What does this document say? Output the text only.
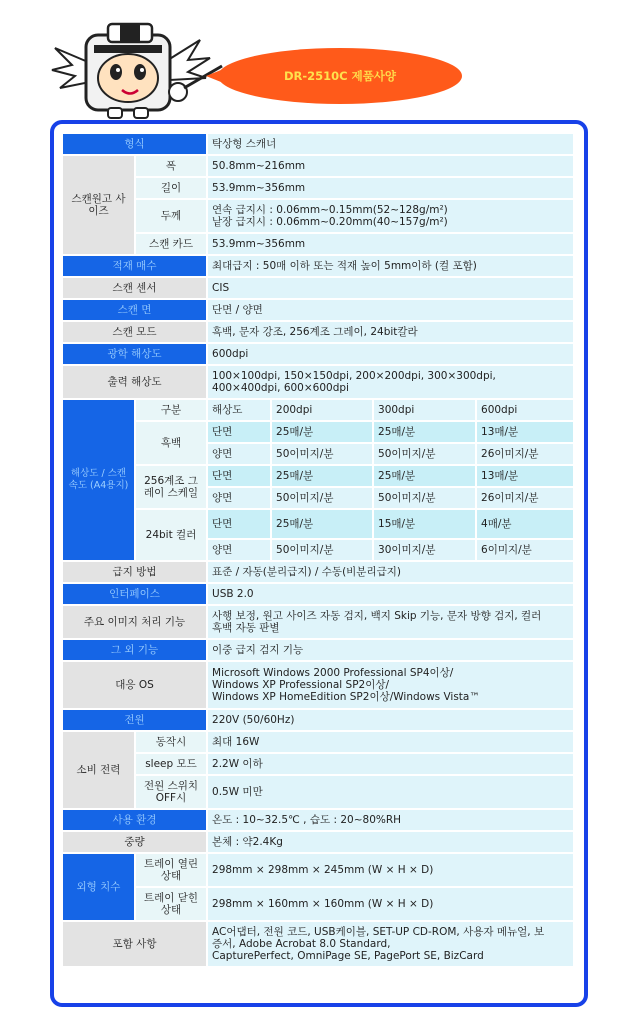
DR-2510C 제품사양
형식		탁상형 스캐너			
스캔원고 사이즈	폭	50.8mm~216mm			
	길이	53.9mm~356mm			
	두께	연속 급지시 : 0.06mm~0.15mm(52~128g/m²)
낱장 급지시 : 0.06mm~0.20mm(40~157g/m²)			

	스캔 카드	53.9mm~356mm			
적재 매수		최대급지 : 50매 이하 또는 적재 높이 5mm이하 (컬 포함)			
스캔 센서		CIS			
스캔 면		단면 / 양면			
스캔 모드		흑백, 문자 강조, 256계조 그레이, 24bit칼라			
광학 해상도		600dpi			
출력 해상도		100×100dpi, 150×150dpi, 200×200dpi, 300×300dpi,
400×400dpi, 600×600dpi			

해상도 / 스캔속도 (A4용지)	구분	해상도	200dpi	300dpi	600dpi
	흑백	단면	25매/분	25매/분	13매/분
		양면	50이미지/분	50이미지/분	26이미지/분
	256계조 그레이 스케일	단면	25매/분	25매/분	13매/분
		양면	50이미지/분	50이미지/분	26이미지/분
	24bit 컬러	단면	25매/분	15매/분	4매/분
		양면	50이미지/분	30이미지/분	6이미지/분
급지 방법		표준 / 자동(분리급지) / 수동(비분리급지)			
인터페이스		USB 2.0			
주요 이미지 처리 기능		사행 보정, 원고 사이즈 자동 검지, 백지 Skip 기능, 문자 방향 검지, 컬러
흑백 자동 판별			

그 외 기능		이중 급지 검지 기능			
대응 OS		Microsoft Windows 2000 Professional SP4이상/
Windows XP Professional SP2이상/
Windows XP HomeEdition SP2이상/Windows Vista™			

전원		220V (50/60Hz)			
소비 전력	동작시	최대 16W			
	sleep 모드	2.2W 이하			
	전원 스위치 OFF시	0.5W 미만			
사용 환경		온도 : 10~32.5℃ , 습도 : 20~80%RH			
중량		본체 : 약2.4Kg			
외형 치수	트레이 열린 상태	298mm × 298mm × 245mm (W × H × D)			
	트레이 닫힌 상태	298mm × 160mm × 160mm (W × H × D)			
포함 사항		AC어댑터, 전원 코드, USB케이블, SET-UP CD-ROM, 사용자 메뉴얼, 보
증서, Adobe Acrobat 8.0 Standard,
CapturePerfect, OmniPage SE, PagePort SE, BizCard			
